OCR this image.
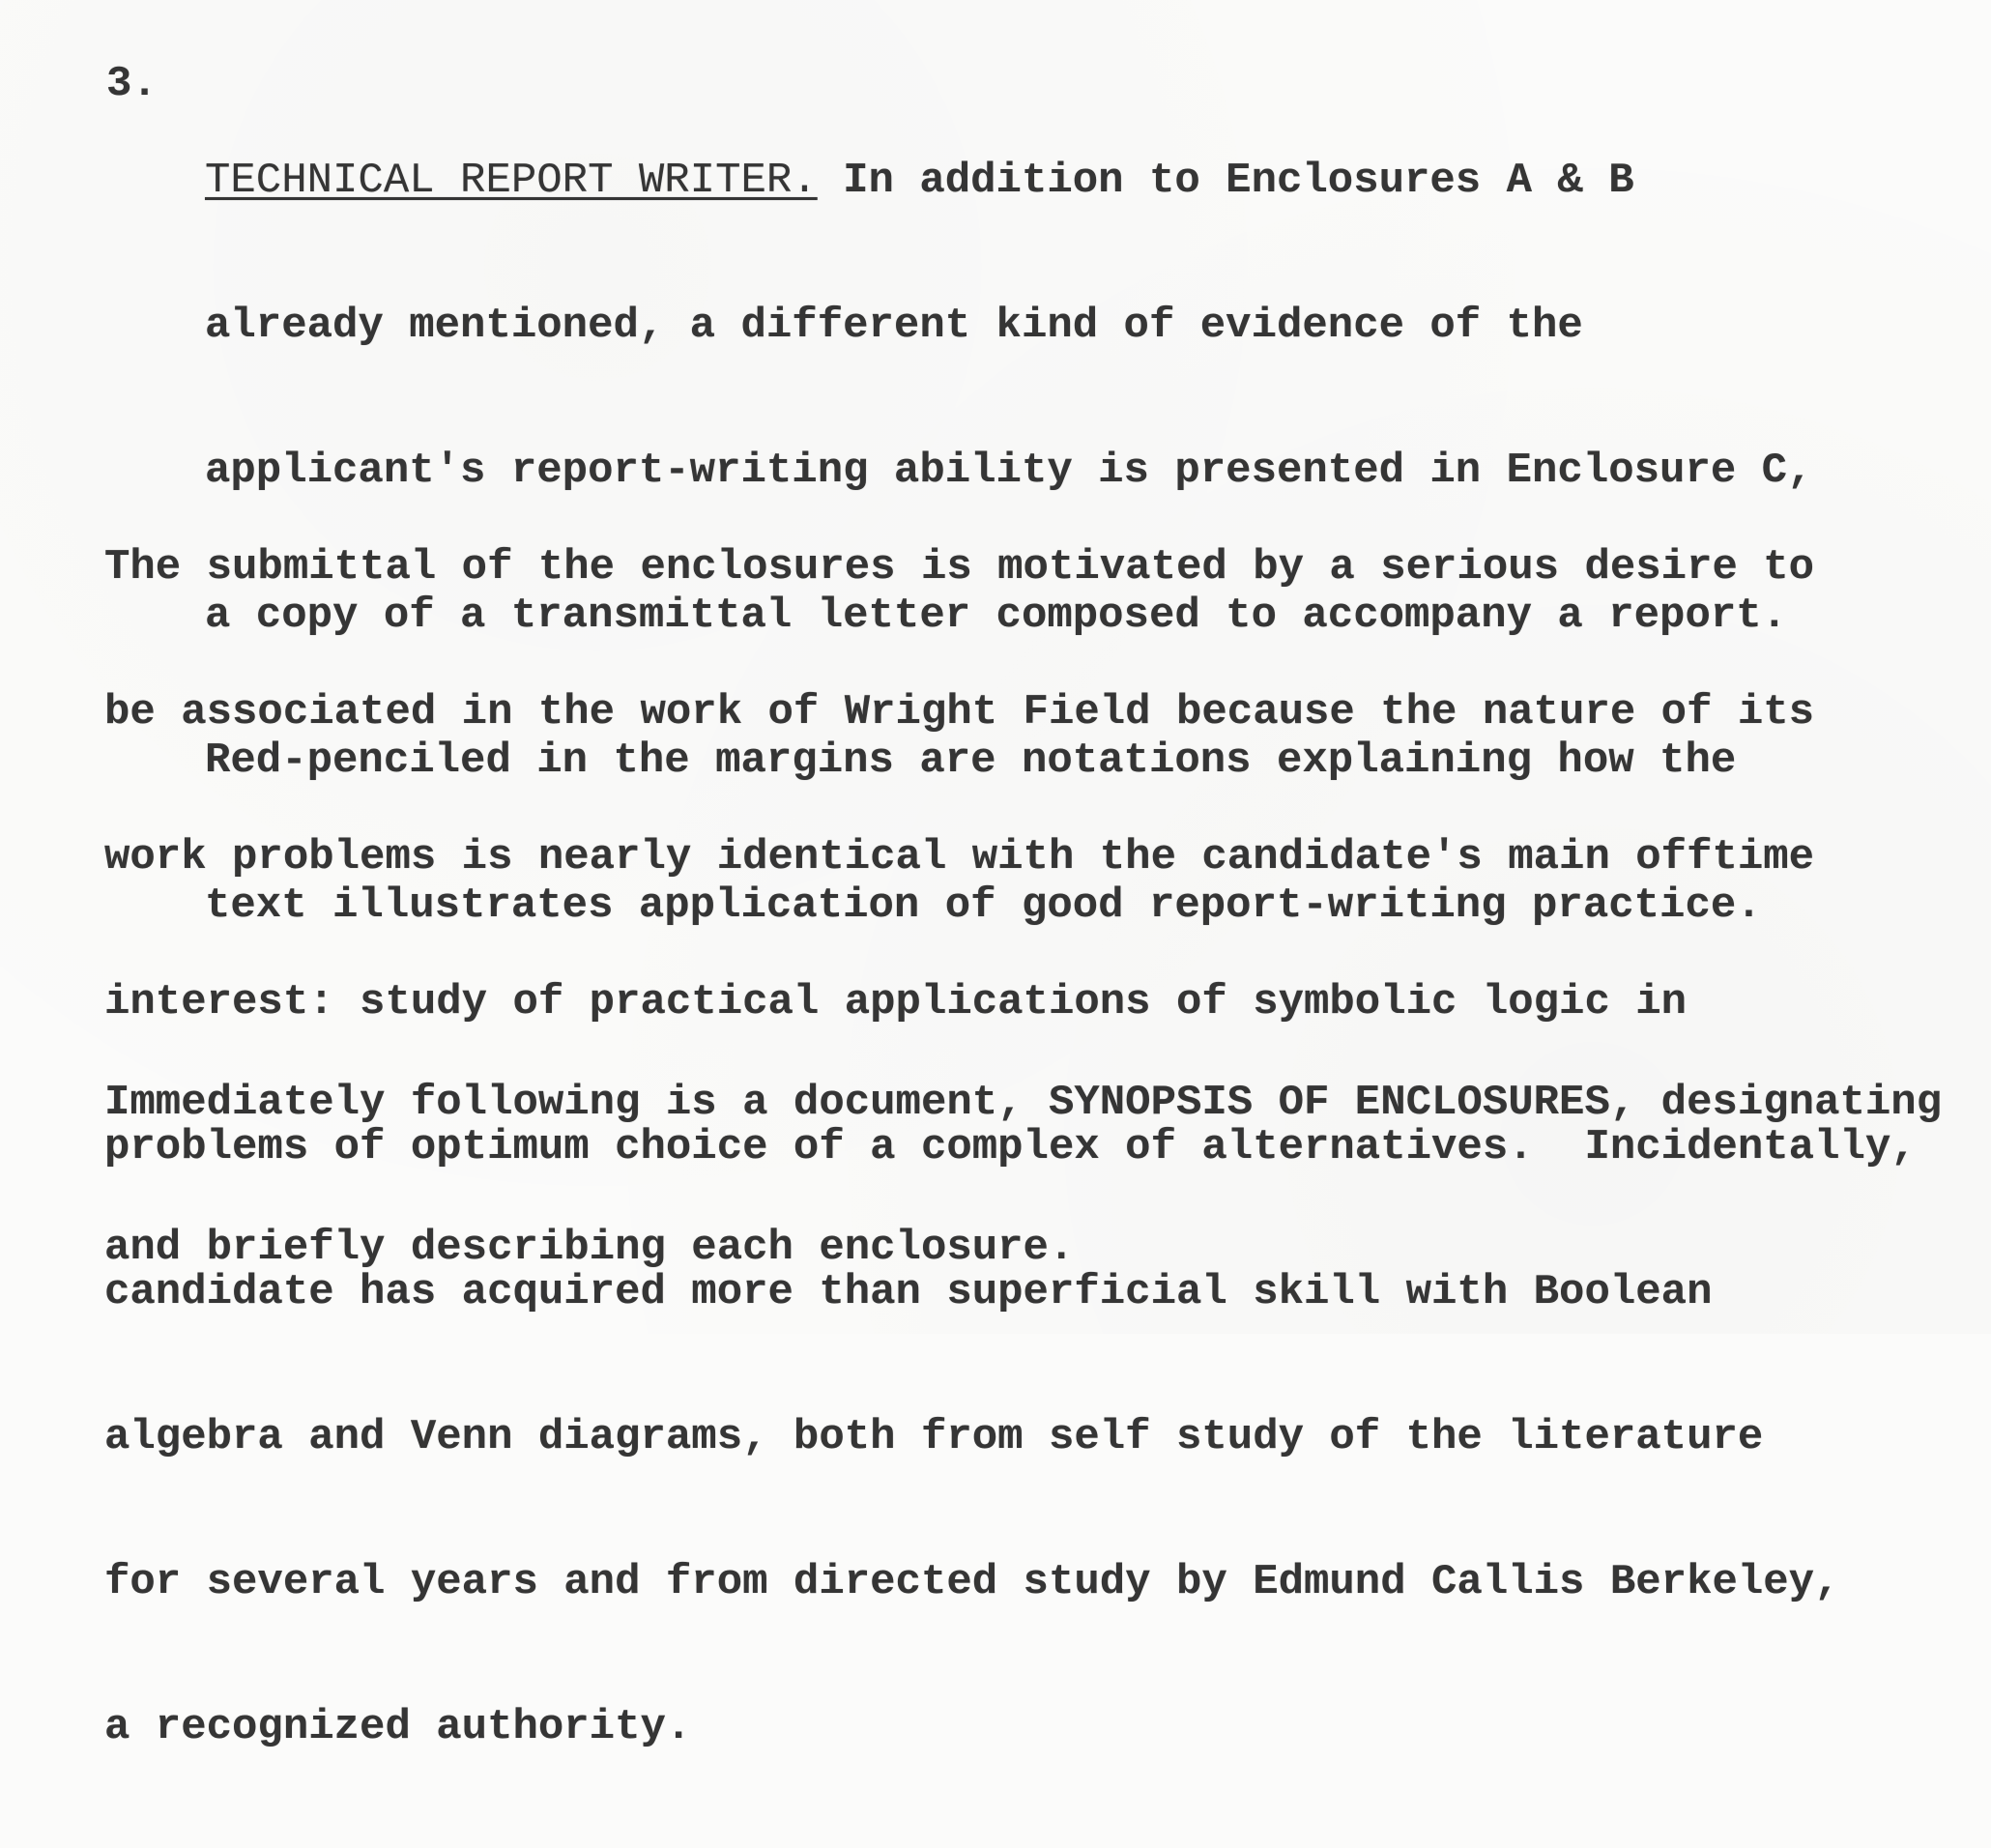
3.

TECHNICAL REPORT WRITER. In addition to Enclosures A & B

already mentioned, a different kind of evidence of the

applicant's report-writing ability is presented in Enclosure C,

a copy of a transmittal letter composed to accompany a report.

Red-penciled in the margins are notations explaining how the

text illustrates application of good report-writing practice.

The submittal of the enclosures is motivated by a serious desire to

be associated in the work of Wright Field because the nature of its

work problems is nearly identical with the candidate's main offtime

interest: study of practical applications of symbolic logic in

problems of optimum choice of a complex of alternatives.  Incidentally,

candidate has acquired more than superficial skill with Boolean

algebra and Venn diagrams, both from self study of the literature

for several years and from directed study by Edmund Callis Berkeley,

a recognized authority.

Immediately following is a document, SYNOPSIS OF ENCLOSURES, designating

and briefly describing each enclosure.
